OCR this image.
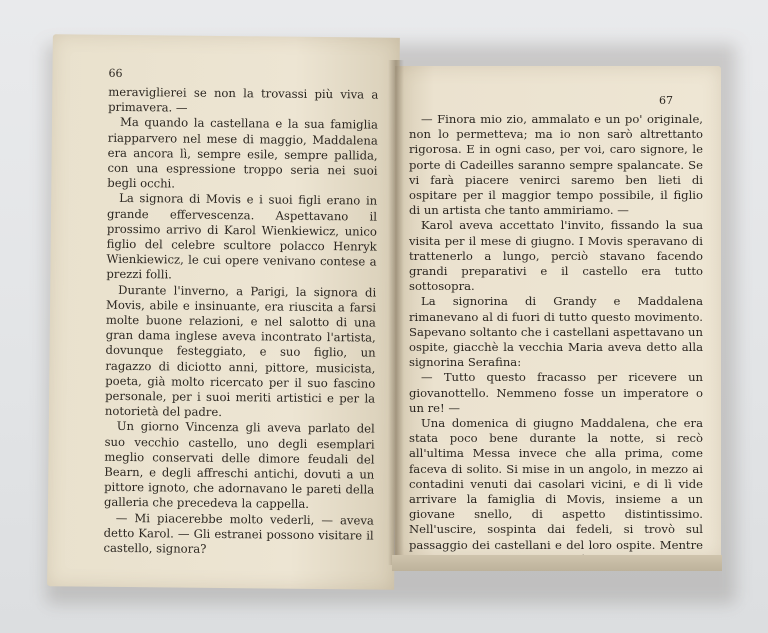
66

meraviglierei se non la trovassi più viva a primavera. —

Ma quando la castellana e la sua famiglia riapparvero nel mese di maggio, Maddalena era ancora lì, sempre esile, sempre pallida, con una espressione troppo seria nei suoi begli occhi.

La signora di Movis e i suoi figli erano in grande effervescenza. Aspettavano il prossimo arrivo di Karol Wienkiewicz, unico figlio del celebre scultore polacco Henryk Wienkiewicz, le cui opere venivano contese a prezzi folli.

Durante l'inverno, a Parigi, la signora di Movis, abile e insinuante, era riuscita a farsi molte buone relazioni, e nel salotto di una gran dama inglese aveva incontrato l'artista, dovunque festeggiato, e suo figlio, un ragazzo di diciotto anni, pittore, musicista, poeta, già molto ricercato per il suo fascino personale, per i suoi meriti artistici e per la notorietà del padre.

Un giorno Vincenza gli aveva parlato del suo vecchio castello, uno degli esemplari meglio conservati delle dimore feudali del Bearn, e degli affreschi antichi, dovuti a un pittore ignoto, che adornavano le pareti della galleria che precedeva la cappella.

— Mi piacerebbe molto vederli, — aveva detto Karol. — Gli estranei possono visitare il castello, signora?

67

— Finora mio zio, ammalato e un po' originale, non lo permetteva; ma io non sarò altrettanto rigorosa. E in ogni caso, per voi, caro signore, le porte di Cadeilles saranno sempre spalancate. Se vi farà piacere venirci saremo ben lieti di ospitare per il maggior tempo possibile, il figlio di un artista che tanto ammiriamo. —

Karol aveva accettato l'invito, fissando la sua visita per il mese di giugno. I Movis speravano di trattenerlo a lungo, perciò stavano facendo grandi preparativi e il castello era tutto sottosopra.

La signorina di Grandy e Maddalena rimanevano al di fuori di tutto questo movimento. Sapevano soltanto che i castellani aspettavano un ospite, giacchè la vecchia Maria aveva detto alla signorina Serafina:

— Tutto questo fracasso per ricevere un giovanottello. Nemmeno fosse un imperatore o un re! —

Una domenica di giugno Maddalena, che era stata poco bene durante la notte, si recò all'ultima Messa invece che alla prima, come faceva di solito. Si mise in un angolo, in mezzo ai contadini venuti dai casolari vicini, e di lì vide arrivare la famiglia di Movis, insieme a un giovane snello, di aspetto distintissimo. Nell'uscire, sospinta dai fedeli, si trovò sul passaggio dei castellani e del loro ospite. Mentre
